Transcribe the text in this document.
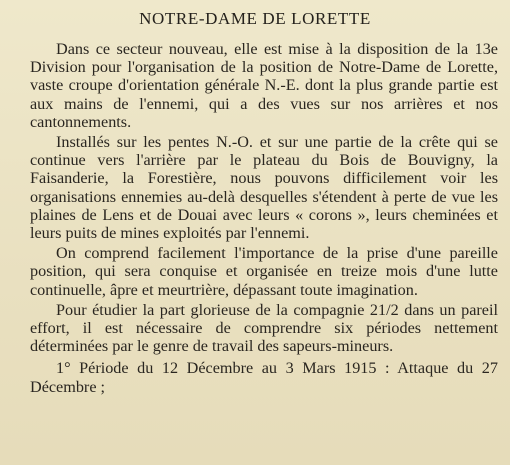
NOTRE-DAME DE LORETTE

Dans ce secteur nouveau, elle est mise à la disposition de la 13e Division pour l'organisation de la position de Notre-Dame de Lorette, vaste croupe d'orientation générale N.-E. dont la plus grande partie est aux mains de l'ennemi, qui a des vues sur nos arrières et nos cantonnements.

Installés sur les pentes N.-O. et sur une partie de la crête qui se continue vers l'arrière par le plateau du Bois de Bouvigny, la Faisanderie, la Forestière, nous pouvons difficilement voir les organisations ennemies au-delà desquelles s'étendent à perte de vue les plaines de Lens et de Douai avec leurs « corons », leurs cheminées et leurs puits de mines exploités par l'ennemi.

On comprend facilement l'importance de la prise d'une pareille position, qui sera conquise et organisée en treize mois d'une lutte continuelle, âpre et meurtrière, dépassant toute imagination.

Pour étudier la part glorieuse de la compagnie 21/2 dans un pareil effort, il est nécessaire de comprendre six périodes nettement déterminées par le genre de travail des sapeurs-mineurs.

1° Période du 12 Décembre au 3 Mars 1915 : Attaque du 27 Décembre ;
